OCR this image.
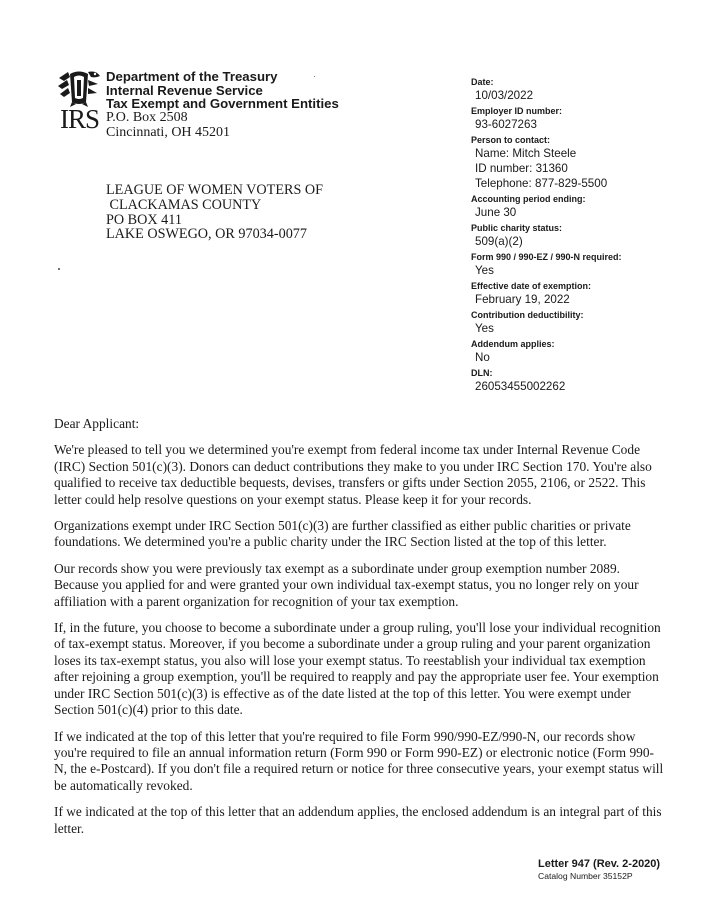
IRS
Department of the Treasury
Internal Revenue Service
Tax Exempt and Government Entities
P.O. Box 2508
Cincinnati, OH 45201
LEAGUE OF WOMEN VOTERS OF
CLACKAMAS COUNTY
PO BOX 411
LAKE OSWEGO, OR 97034-0077
Date:
10/03/2022
Employer ID number:
93-6027263
Person to contact:
Name: Mitch Steele
ID number: 31360
Telephone: 877-829-5500
Accounting period ending:
June 30
Public charity status:
509(a)(2)
Form 990 / 990-EZ / 990-N required:
Yes
Effective date of exemption:
February 19, 2022
Contribution deductibility:
Yes
Addendum applies:
No
DLN:
26053455002262

Dear Applicant:

We're pleased to tell you we determined you're exempt from federal income tax under Internal Revenue Code (IRC) Section 501(c)(3). Donors can deduct contributions they make to you under IRC Section 170. You're also qualified to receive tax deductible bequests, devises, transfers or gifts under Section 2055, 2106, or 2522. This letter could help resolve questions on your exempt status. Please keep it for your records.

Organizations exempt under IRC Section 501(c)(3) are further classified as either public charities or private foundations. We determined you're a public charity under the IRC Section listed at the top of this letter.

Our records show you were previously tax exempt as a subordinate under group exemption number 2089. Because you applied for and were granted your own individual tax-exempt status, you no longer rely on your affiliation with a parent organization for recognition of your tax exemption.

If, in the future, you choose to become a subordinate under a group ruling, you'll lose your individual recognition of tax-exempt status. Moreover, if you become a subordinate under a group ruling and your parent organization loses its tax-exempt status, you also will lose your exempt status. To reestablish your individual tax exemption after rejoining a group exemption, you'll be required to reapply and pay the appropriate user fee. Your exemption under IRC Section 501(c)(3) is effective as of the date listed at the top of this letter. You were exempt under Section 501(c)(4) prior to this date.

If we indicated at the top of this letter that you're required to file Form 990/990-EZ/990-N, our records show you're required to file an annual information return (Form 990 or Form 990-EZ) or electronic notice (Form 990-N, the e-Postcard). If you don't file a required return or notice for three consecutive years, your exempt status will be automatically revoked.

If we indicated at the top of this letter that an addendum applies, the enclosed addendum is an integral part of this letter.

Letter 947 (Rev. 2-2020)
Catalog Number 35152P
